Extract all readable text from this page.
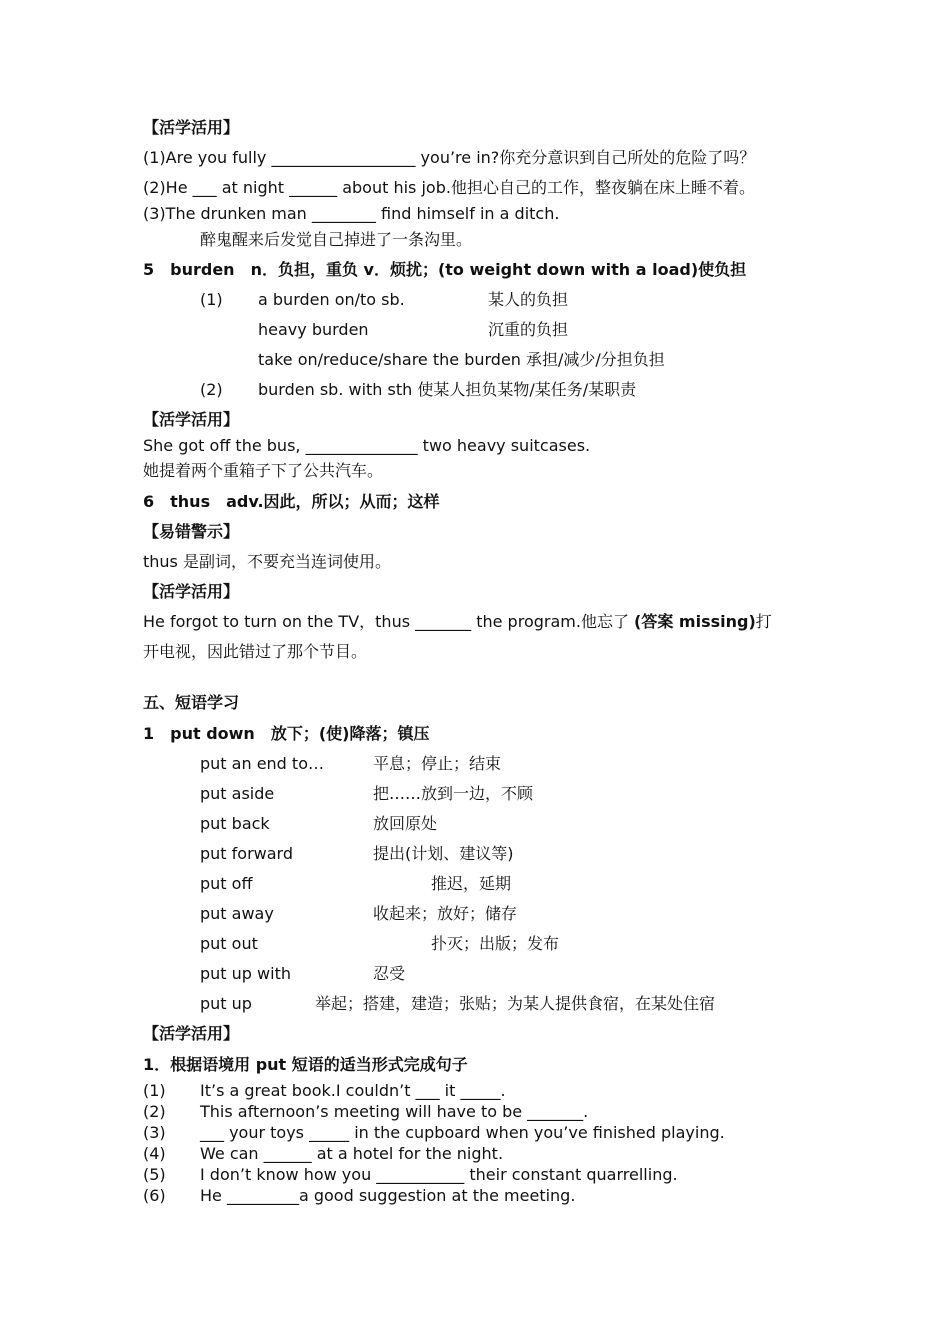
【活学活用】
(1)Are you fully __________________ you’re in?你充分意识到自己所处的危险了吗？
(2)He ___ at night ______ about his job.他担心自己的工作，整夜躺在床上睡不着。
(3)The drunken man ________ find himself in a ditch.
醉鬼醒来后发觉自己掉进了一条沟里。
5　burden　n．负担，重负 v．烦扰；(to weight down with a load)使负担
(1) a burden on/to sb.	某人的负担
heavy burden	沉重的负担
take on/reduce/share the burden 承担/减少/分担负担
(2) burden sb. with sth 使某人担负某物/某任务/某职责
【活学活用】
She got off the bus, ______________ two heavy suitcases.
她提着两个重箱子下了公共汽车。
6　thus　adv.因此，所以；从而；这样
【易错警示】
thus 是副词，不要充当连词使用。
【活学活用】
He forgot to turn on the TV，thus _______ the program.他忘了 (答案 missing)打
开电视，因此错过了那个节目。
五、短语学习
1　put down　放下；(使)降落；镇压
put an end to…	平息；停止；结束
put aside	把……放到一边，不顾
put back	放回原处
put forward	提出(计划、建议等)
put off	推迟，延期
put away	收起来；放好；储存
put out	扑灭；出版；发布
put up with	忍受
put up	举起；搭建，建造；张贴；为某人提供食宿，在某处住宿
【活学活用】
1．根据语境用 put 短语的适当形式完成句子
(1) It’s a great book.I couldn’t ___ it _____.
(2) This afternoon’s meeting will have to be _______.
(3) ___ your toys _____ in the cupboard when you’ve finished playing.
(4) We can ______ at a hotel for the night.
(5) I don’t know how you ___________ their constant quarrelling.
(6) He _________a good suggestion at the meeting.
